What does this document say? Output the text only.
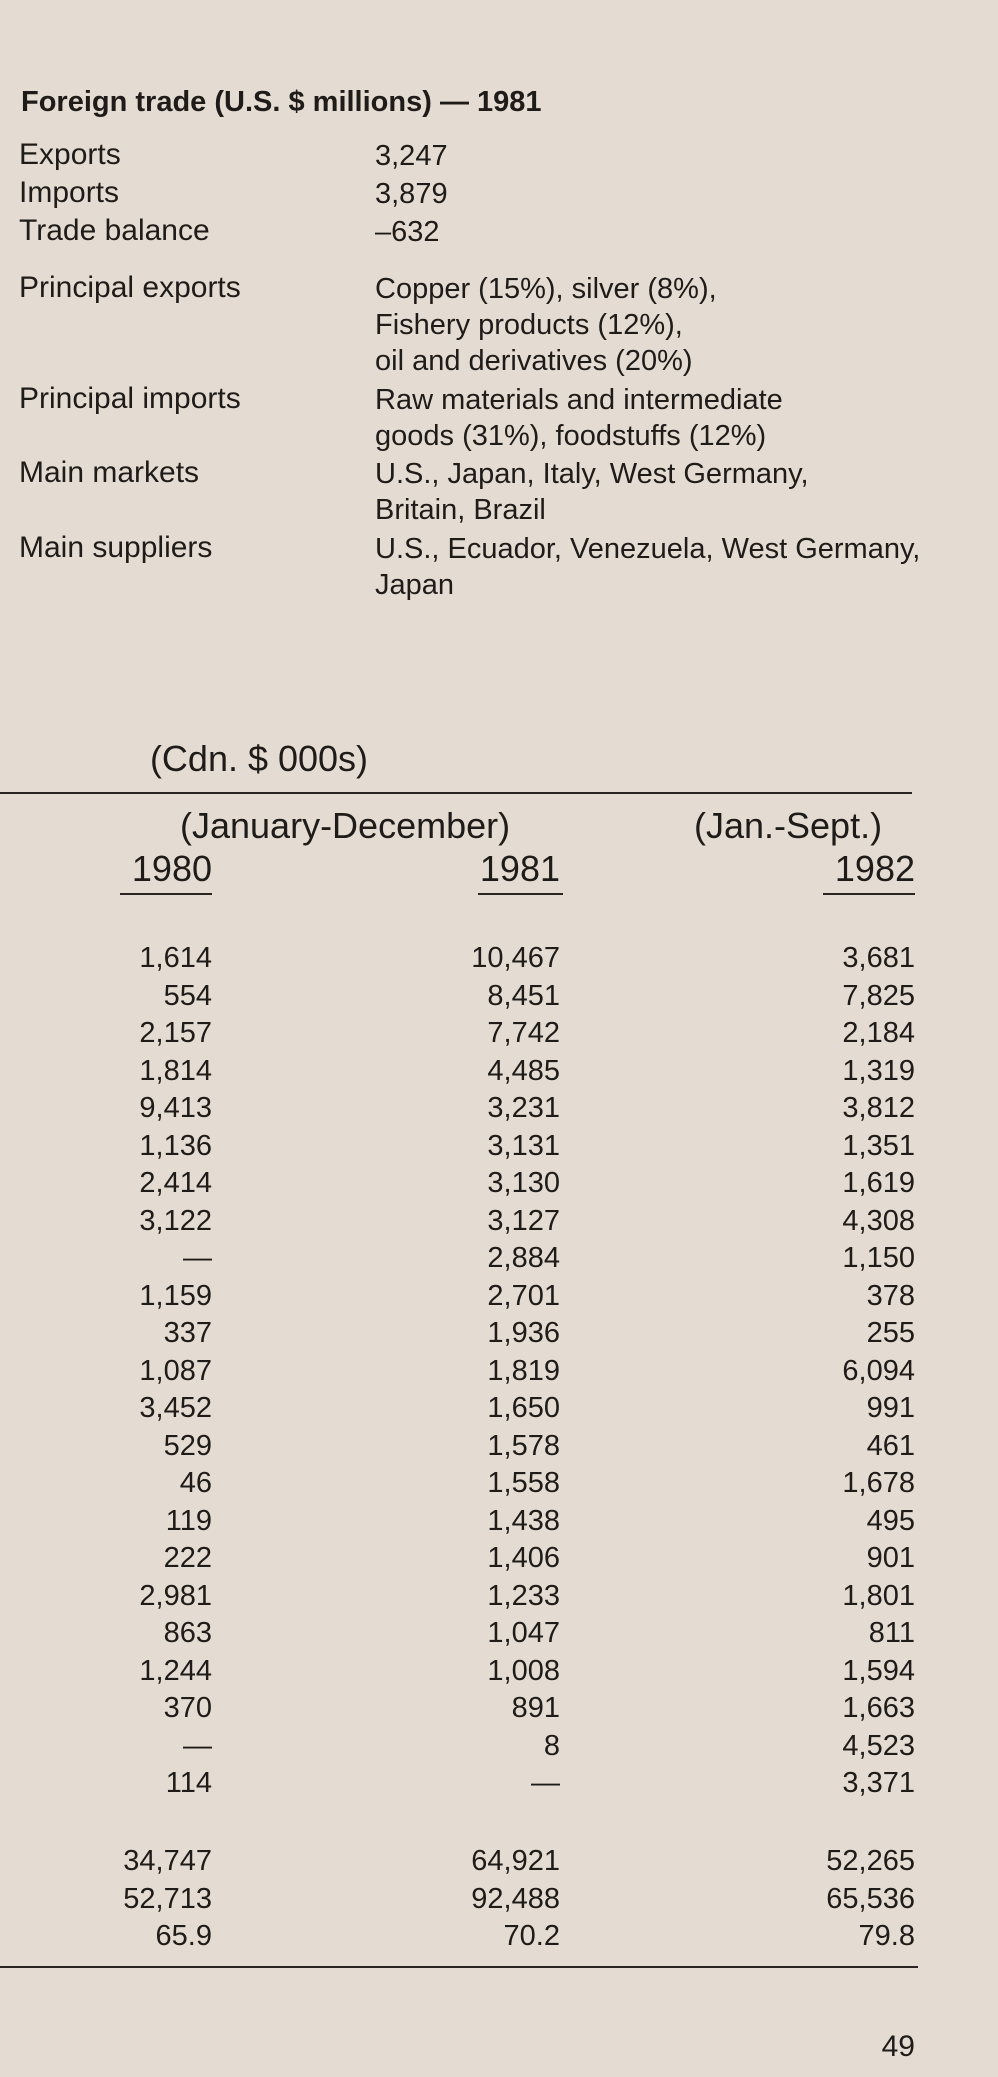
Foreign trade (U.S. $ millions) — 1981
Exports	3,247
Imports	3,879
Trade balance	–632
Principal exports	Copper (15%), silver (8%),
Fishery products (12%),
oil and derivatives (20%)
Principal imports	Raw materials and intermediate
goods (31%), foodstuffs (12%)
Main markets	U.S., Japan, Italy, West Germany,
Britain, Brazil
Main suppliers	U.S., Ecuador, Venezuela, West Germany,
Japan
(Cdn. $ 000s)
(January-December)	(Jan.-Sept.)
1980	1981	1982
1,614	10,467	3,681
554	8,451	7,825
2,157	7,742	2,184
1,814	4,485	1,319
9,413	3,231	3,812
1,136	3,131	1,351
2,414	3,130	1,619
3,122	3,127	4,308
—	2,884	1,150
1,159	2,701	378
337	1,936	255
1,087	1,819	6,094
3,452	1,650	991
529	1,578	461
46	1,558	1,678
119	1,438	495
222	1,406	901
2,981	1,233	1,801
863	1,047	811
1,244	1,008	1,594
370	891	1,663
—	8	4,523
114	—	3,371
34,747	64,921	52,265
52,713	92,488	65,536
65.9	70.2	79.8
49
